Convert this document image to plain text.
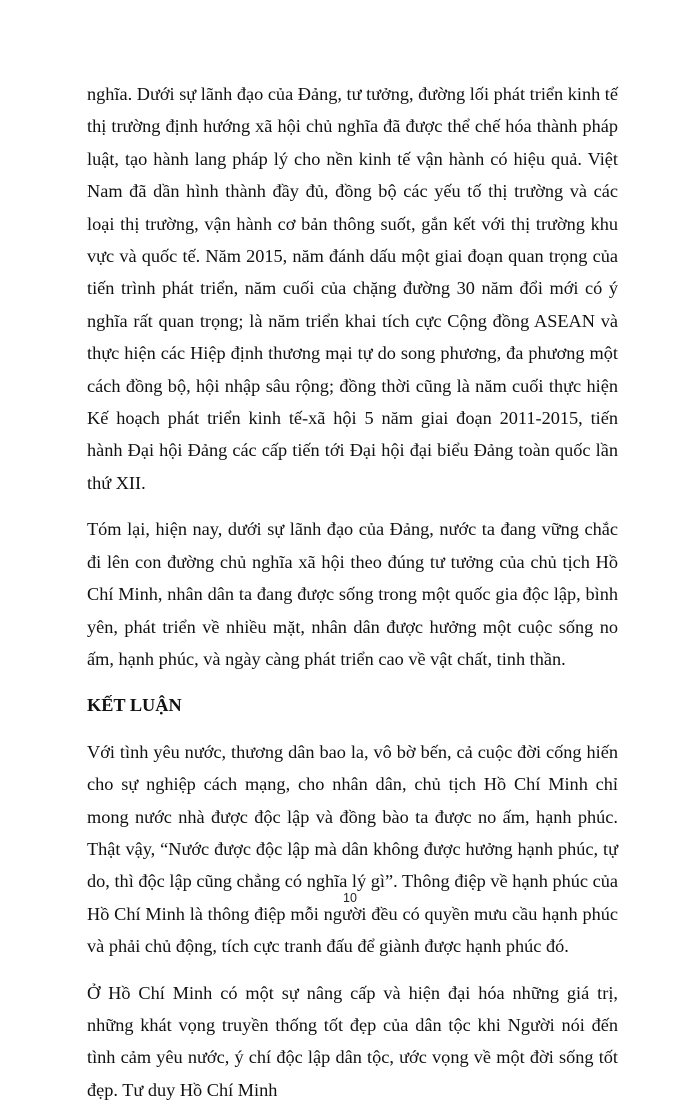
nghĩa. Dưới sự lãnh đạo của Đảng, tư tưởng, đường lối phát triển kinh tế thị trường định hướng xã hội chủ nghĩa đã được thể chế hóa thành pháp luật, tạo hành lang pháp lý cho nền kinh tế vận hành có hiệu quả. Việt Nam đã dần hình thành đầy đủ, đồng bộ các yếu tố thị trường và các loại thị trường, vận hành cơ bản thông suốt, gắn kết với thị trường khu vực và quốc tế. Năm 2015, năm đánh dấu một giai đoạn quan trọng của tiến trình phát triển, năm cuối của chặng đường 30 năm đổi mới có ý nghĩa rất quan trọng; là năm triển khai tích cực Cộng đồng ASEAN và thực hiện các Hiệp định thương mại tự do song phương, đa phương một cách đồng bộ, hội nhập sâu rộng; đồng thời cũng là năm cuối thực hiện Kế hoạch phát triển kinh tế-xã hội 5 năm giai đoạn 2011-2015, tiến hành Đại hội Đảng các cấp tiến tới Đại hội đại biểu Đảng toàn quốc lần thứ XII.

Tóm lại, hiện nay, dưới sự lãnh đạo của Đảng, nước ta đang vững chắc đi lên con đường chủ nghĩa xã hội theo đúng tư tưởng của chủ tịch Hồ Chí Minh, nhân dân ta đang được sống trong một quốc gia độc lập, bình yên, phát triển về nhiều mặt, nhân dân được hưởng một cuộc sống no ấm, hạnh phúc, và ngày càng phát triển cao về vật chất, tinh thần.

KẾT LUẬN

Với tình yêu nước, thương dân bao la, vô bờ bến, cả cuộc đời cống hiến cho sự nghiệp cách mạng, cho nhân dân, chủ tịch Hồ Chí Minh chỉ mong nước nhà được độc lập và đồng bào ta được no ấm, hạnh phúc. Thật vậy, “Nước được độc lập mà dân không được hưởng hạnh phúc, tự do, thì độc lập cũng chẳng có nghĩa lý gì”. Thông điệp về hạnh phúc của Hồ Chí Minh là thông điệp mỗi người đều có quyền mưu cầu hạnh phúc và phải chủ động, tích cực tranh đấu để giành được hạnh phúc đó.

Ở Hồ Chí Minh có một sự nâng cấp và hiện đại hóa những giá trị, những khát vọng truyền thống tốt đẹp của dân tộc khi Người nói đến tình cảm yêu nước, ý chí độc lập dân tộc, ước vọng về một đời sống tốt đẹp. Tư duy Hồ Chí Minh

10
